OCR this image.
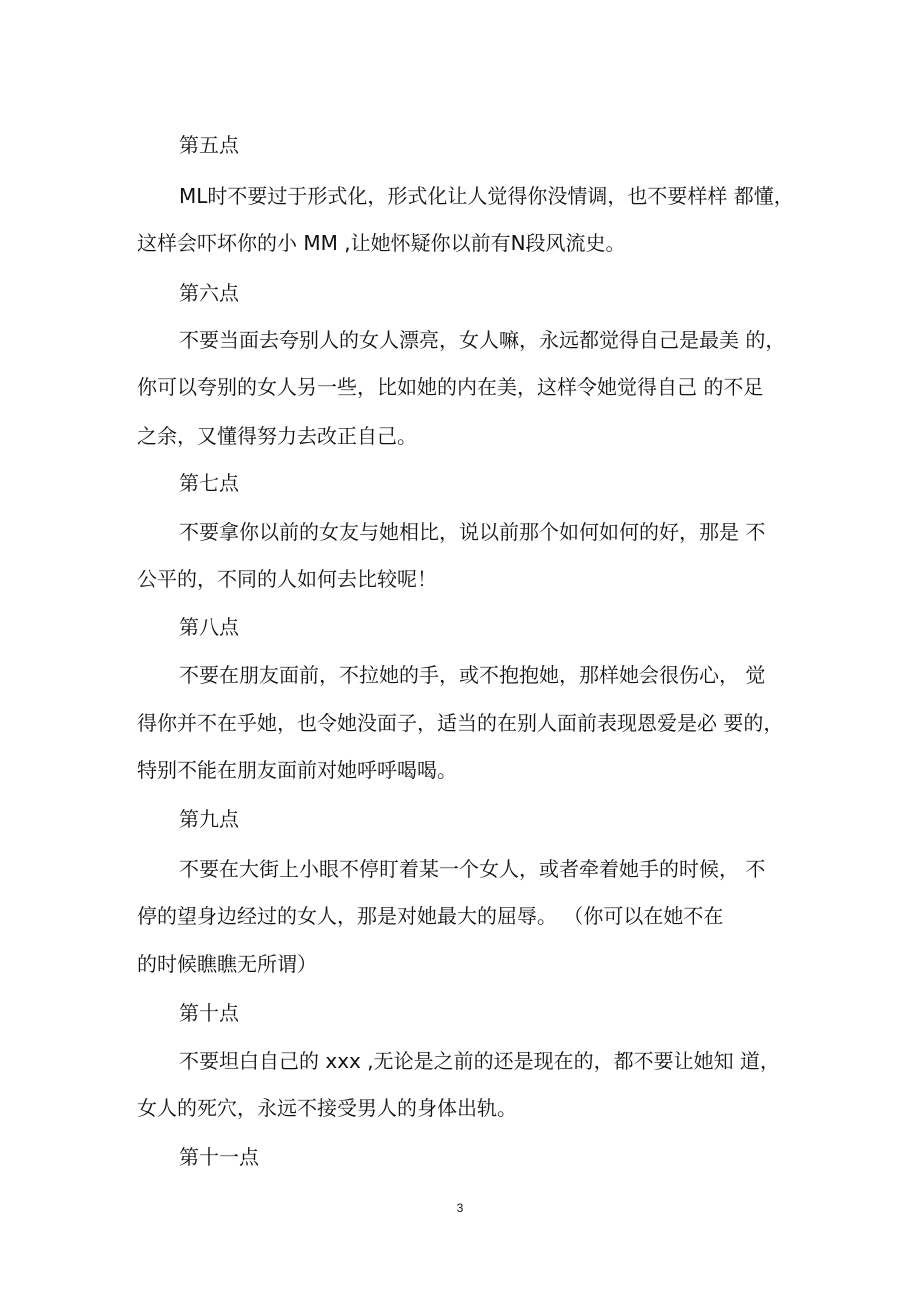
第五点

ML时不要过于形式化，形式化让人觉得你没情调，也不要样样 都懂，

这样会吓坏你的小 MM ,让她怀疑你以前有N段风流史。

第六点

不要当面去夸别人的女人漂亮，女人嘛，永远都觉得自己是最美 的，

你可以夸别的女人另一些，比如她的内在美，这样令她觉得自己 的不足

之余，又懂得努力去改正自己。

第七点

不要拿你以前的女友与她相比，说以前那个如何如何的好，那是 不

公平的，不同的人如何去比较呢！

第八点

不要在朋友面前，不拉她的手，或不抱抱她，那样她会很伤心， 觉

得你并不在乎她，也令她没面子，适当的在别人面前表现恩爱是必 要的，

特别不能在朋友面前对她呼呼喝喝。

第九点

不要在大街上小眼不停盯着某一个女人，或者牵着她手的时候， 不

停的望身边经过的女人，那是对她最大的屈辱。 （你可以在她不在

的时候瞧瞧无所谓）

第十点

不要坦白自己的 xxx ,无论是之前的还是现在的，都不要让她知 道，

女人的死穴，永远不接受男人的身体出轨。

第十一点
3
